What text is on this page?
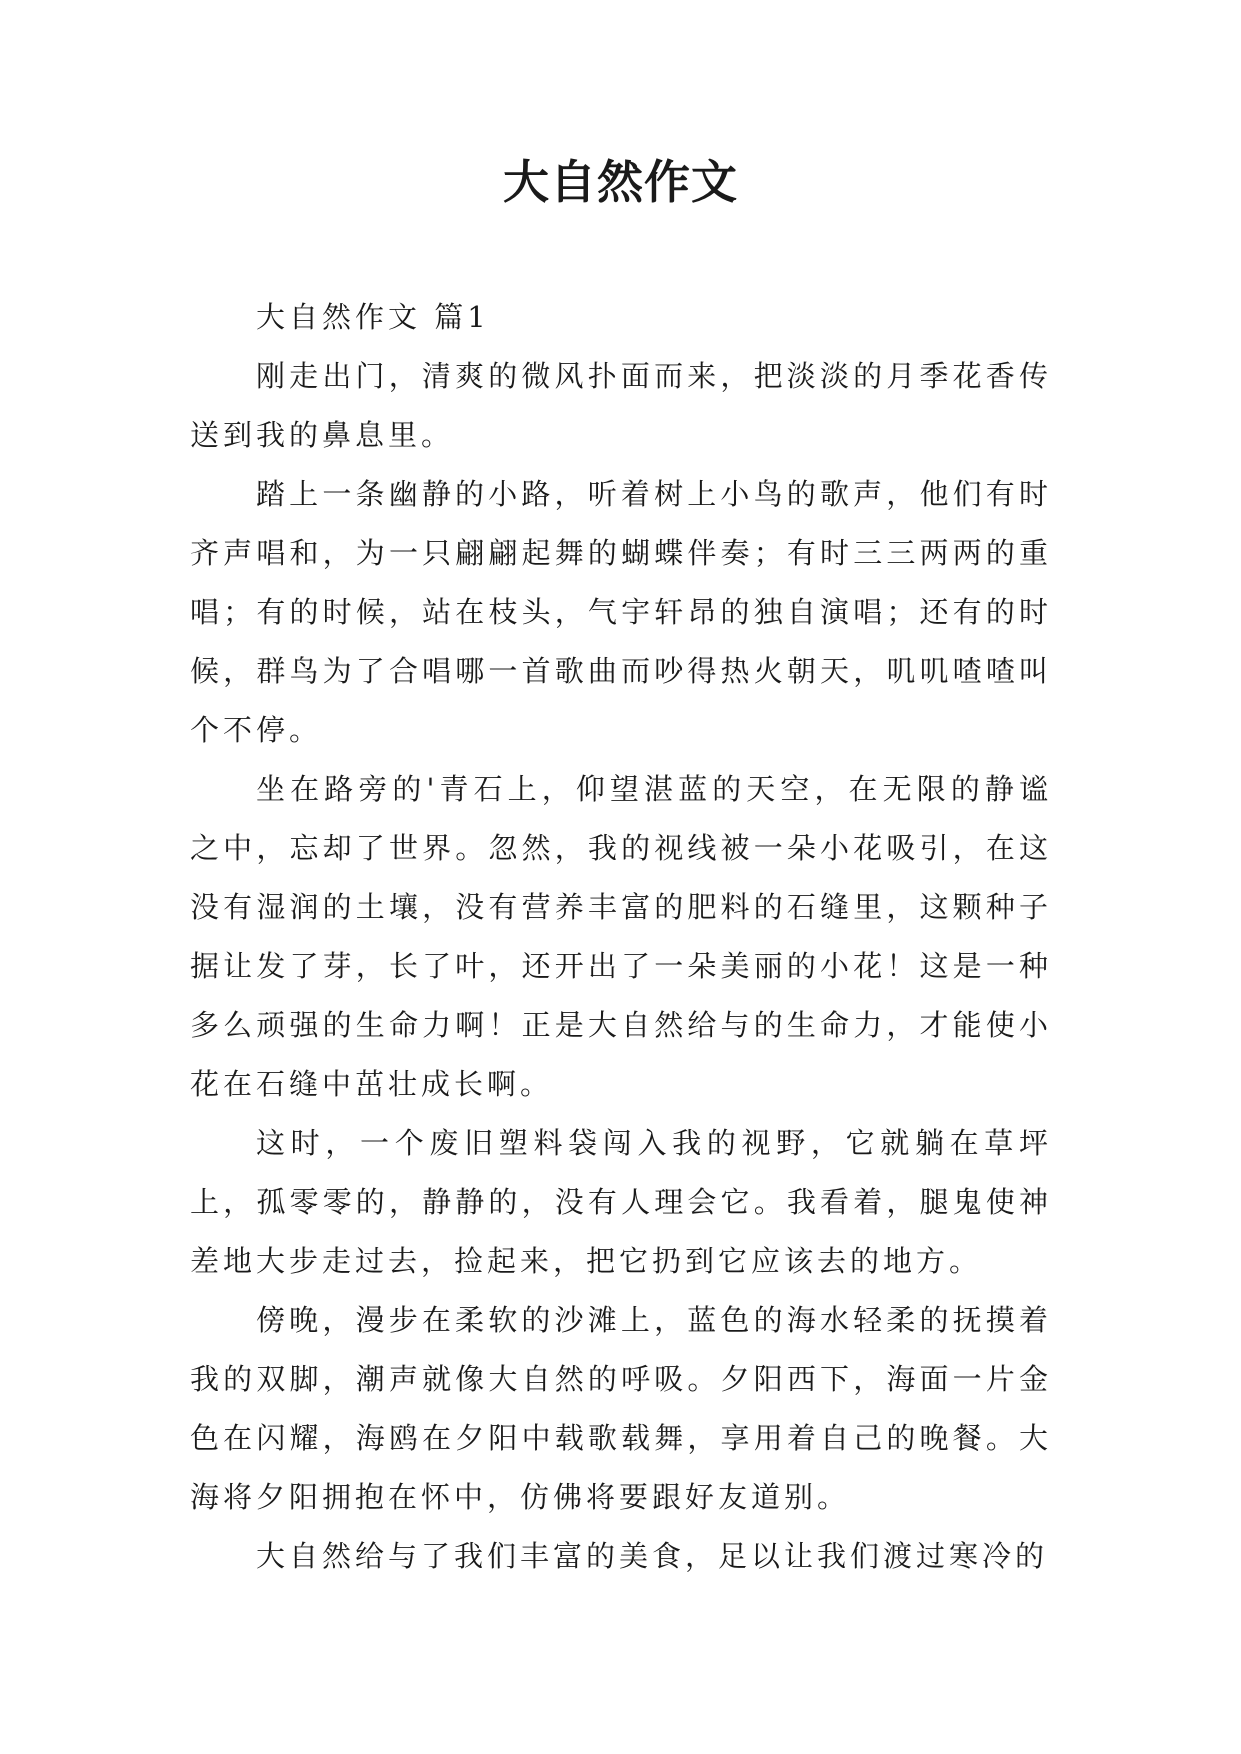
大自然作文
大自然作文 篇1

刚走出门，清爽的微风扑面而来，把淡淡的月季花香传送到我的鼻息里。

踏上一条幽静的小路，听着树上小鸟的歌声，他们有时齐声唱和，为一只翩翩起舞的蝴蝶伴奏；有时三三两两的重唱；有的时候，站在枝头，气宇轩昂的独自演唱；还有的时候，群鸟为了合唱哪一首歌曲而吵得热火朝天，叽叽喳喳叫个不停。

坐在路旁的'青石上，仰望湛蓝的天空，在无限的静谧之中，忘却了世界。忽然，我的视线被一朵小花吸引，在这没有湿润的土壤，没有营养丰富的肥料的石缝里，这颗种子据让发了芽，长了叶，还开出了一朵美丽的小花！这是一种多么顽强的生命力啊！正是大自然给与的生命力，才能使小花在石缝中茁壮成长啊。

这时，一个废旧塑料袋闯入我的视野，它就躺在草坪上，孤零零的，静静的，没有人理会它。我看着，腿鬼使神差地大步走过去，捡起来，把它扔到它应该去的地方。

傍晚，漫步在柔软的沙滩上，蓝色的海水轻柔的抚摸着我的双脚，潮声就像大自然的呼吸。夕阳西下，海面一片金色在闪耀，海鸥在夕阳中载歌载舞，享用着自己的晚餐。大海将夕阳拥抱在怀中，仿佛将要跟好友道别。

大自然给与了我们丰富的美食，足以让我们渡过寒冷的
